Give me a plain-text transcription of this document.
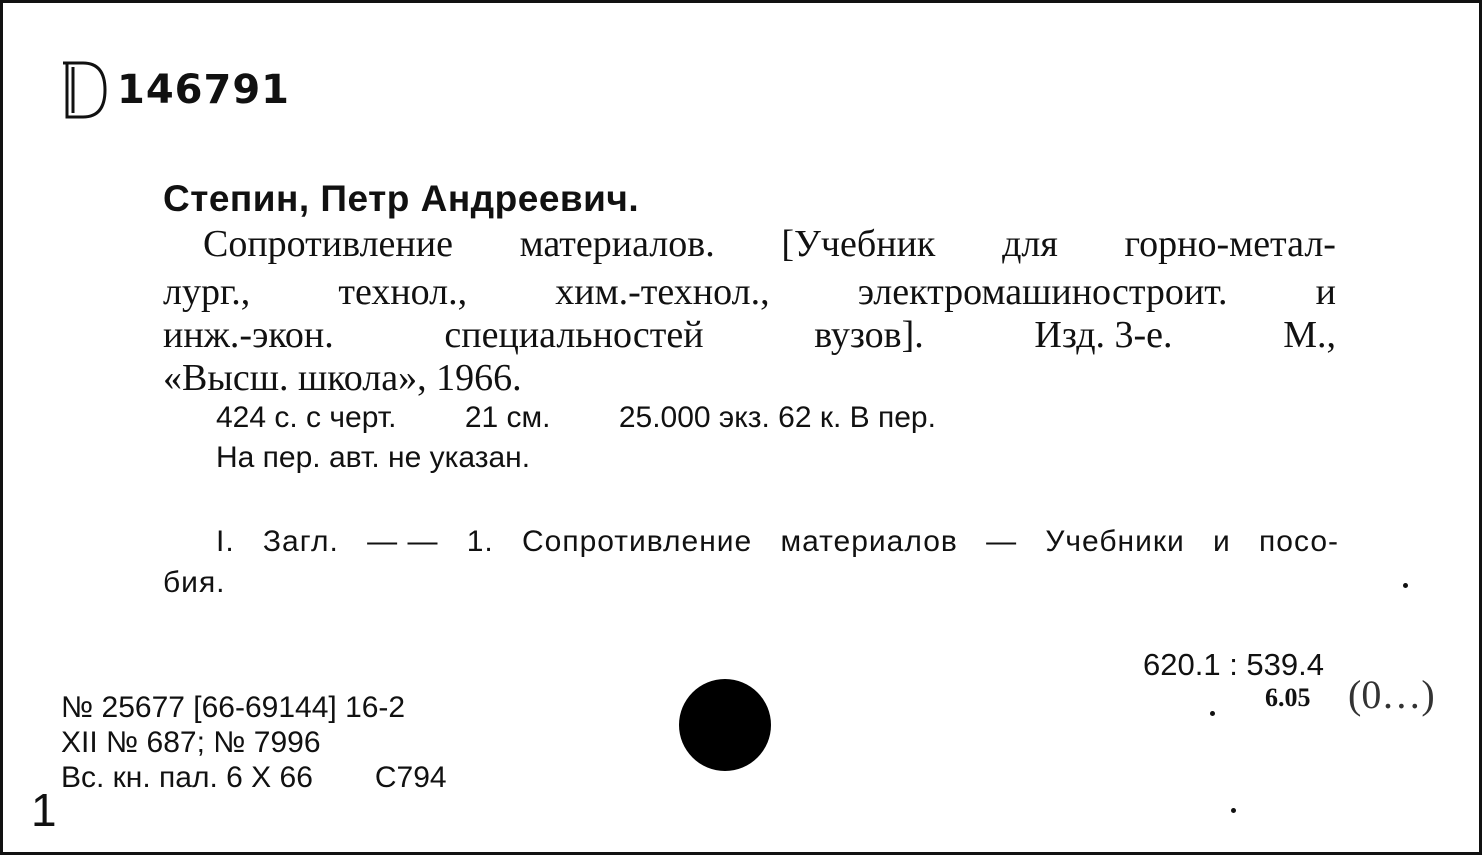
146791
Степин, Петр Андреевич.
Сопротивление материалов. [Учебник для горно-метал-
лург., технол., хим.-технол., электромашиностроит. и
инж.-экон.	специальностей	вузов].	Изд. 3-е.	М.,
«Высш. школа», 1966.
424 с. с черт. 21 см. 25.000 экз. 62 к. В пер.
На пер. авт. не указан.
I. Загл. — — 1. Сопротивление материалов — Учебники и посо-
бия.
620.1 : 539.4
6.05 (0…)
№ 25677 [66-69144] 16-2
XII № 687; № 7996
Вс. кн. пал. 6 X 66 C794
1
